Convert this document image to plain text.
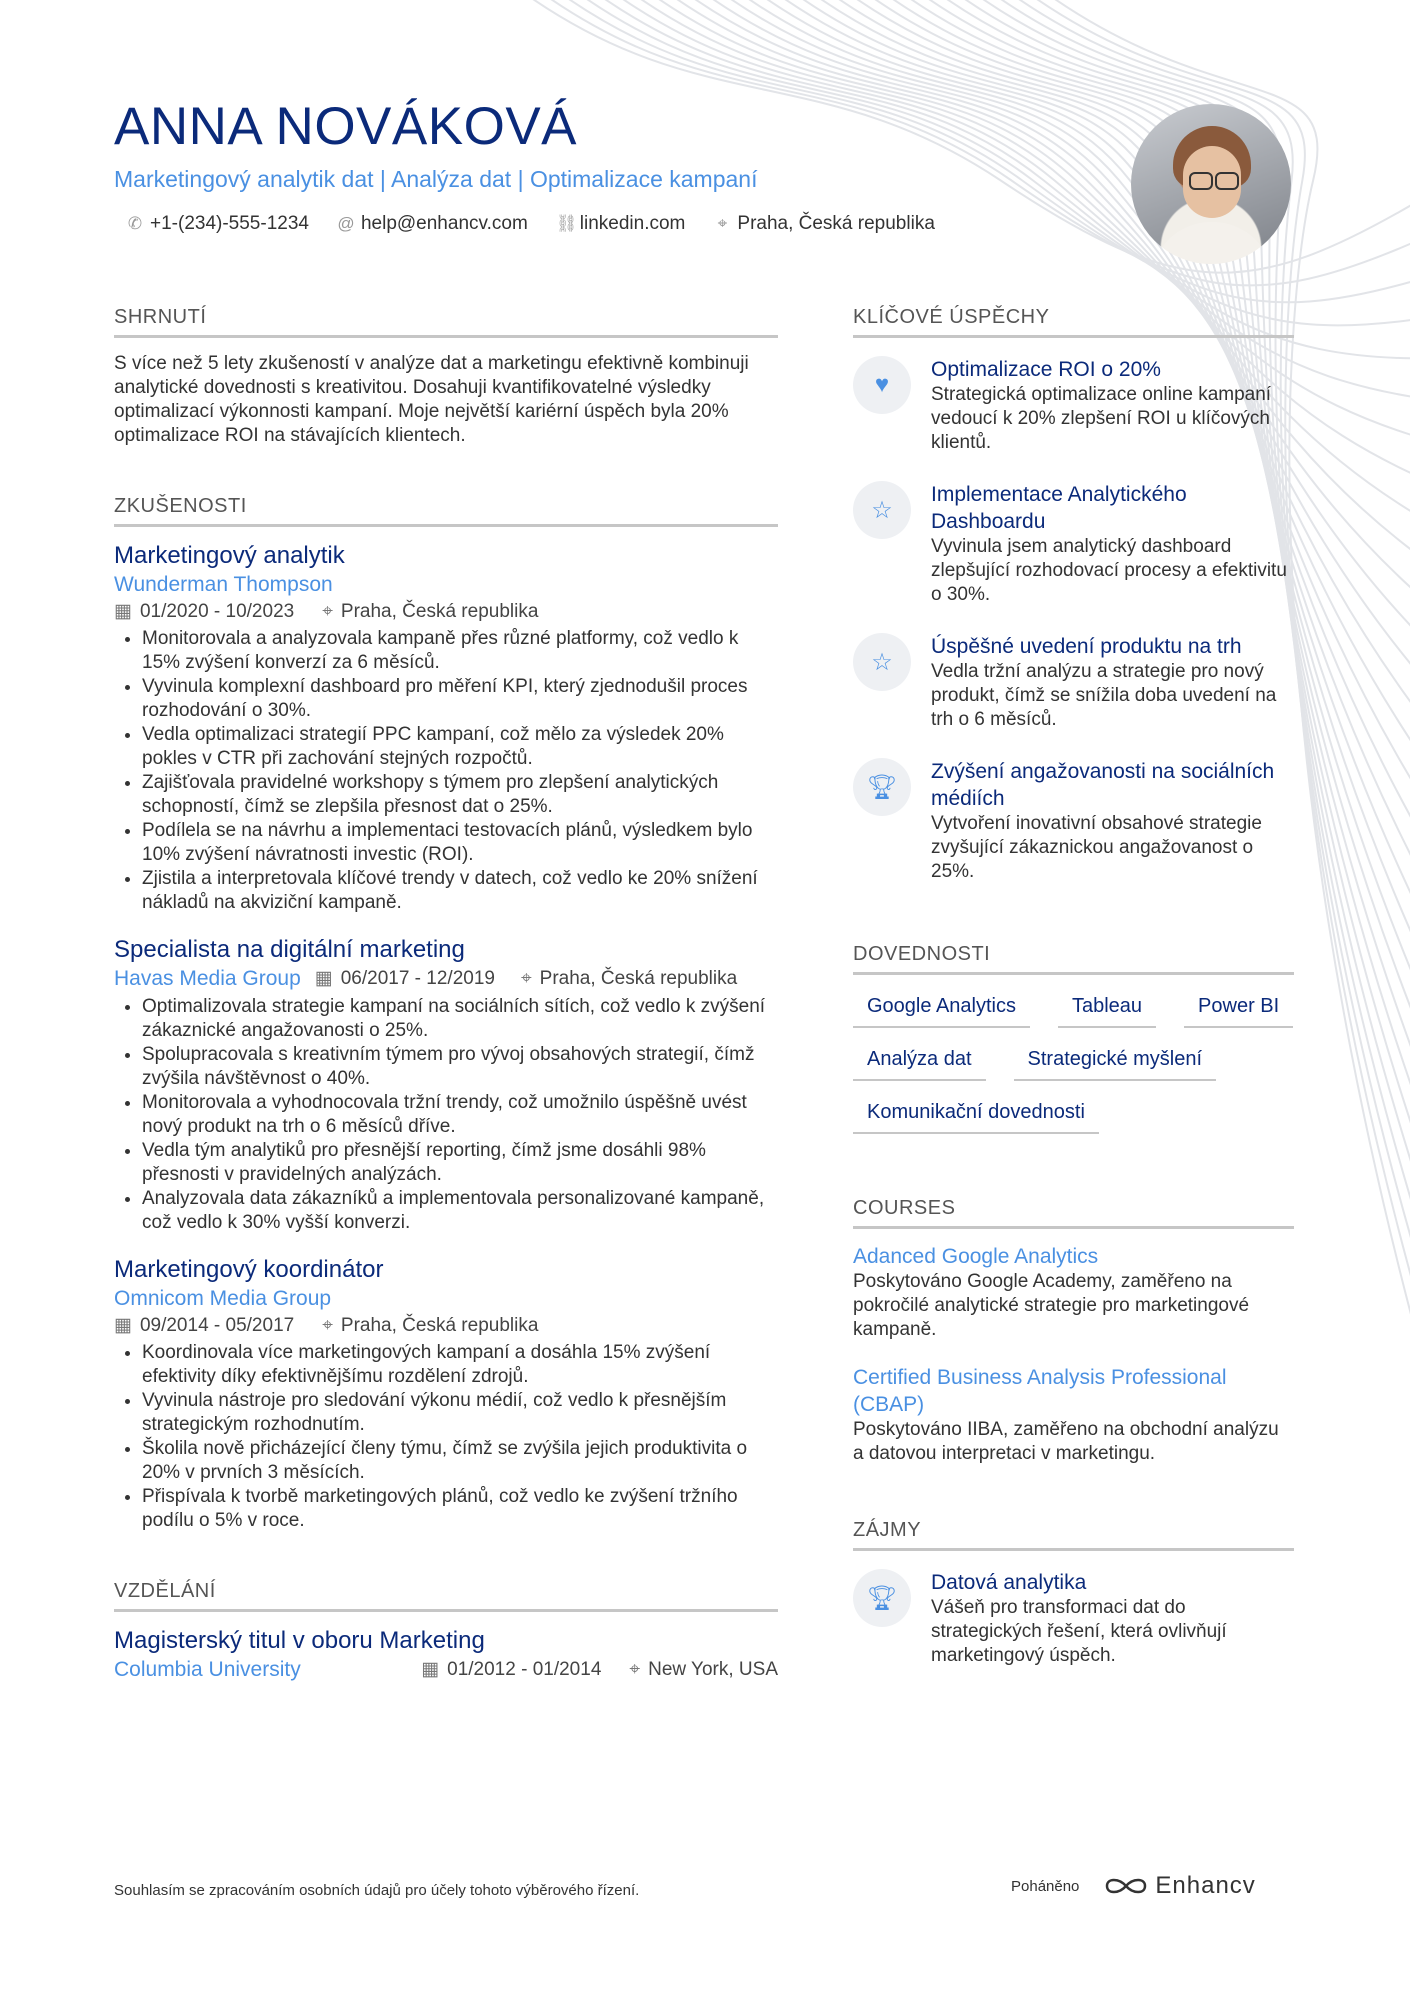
ANNA NOVÁKOVÁ
Marketingový analytik dat | Analýza dat | Optimalizace kampaní
✆ +1-(234)-555-1234 @ help@enhancv.com ⛓ linkedin.com ⌖ Praha, Česká republika
SHRNUTÍ

S více než 5 lety zkušeností v analýze dat a marketingu efektivně kombinuji analytické dovednosti s kreativitou. Dosahuji kvantifikovatelné výsledky optimalizací výkonnosti kampaní. Moje největší kariérní úspěch byla 20% optimalizace ROI na stávajících klientech.

ZKUŠENOSTI
Marketingový analytik
Wunderman Thompson
▦ 01/2020 - 10/2023 ⌖ Praha, Česká republika
• Monitorovala a analyzovala kampaně přes různé platformy, což vedlo k 15% zvýšení konverzí za 6 měsíců.
• Vyvinula komplexní dashboard pro měření KPI, který zjednodušil proces rozhodování o 30%.
• Vedla optimalizaci strategií PPC kampaní, což mělo za výsledek 20% pokles v CTR při zachování stejných rozpočtů.
• Zajišťovala pravidelné workshopy s týmem pro zlepšení analytických schopností, čímž se zlepšila přesnost dat o 25%.
• Podílela se na návrhu a implementaci testovacích plánů, výsledkem bylo 10% zvýšení návratnosti investic (ROI).
• Zjistila a interpretovala klíčové trendy v datech, což vedlo ke 20% snížení nákladů na akviziční kampaně.
Specialista na digitální marketing
Havas Media Group ▦ 06/2017 - 12/2019 ⌖ Praha, Česká republika
• Optimalizovala strategie kampaní na sociálních sítích, což vedlo k zvýšení zákaznické angažovanosti o 25%.
• Spolupracovala s kreativním týmem pro vývoj obsahových strategií, čímž zvýšila návštěvnost o 40%.
• Monitorovala a vyhodnocovala tržní trendy, což umožnilo úspěšně uvést nový produkt na trh o 6 měsíců dříve.
• Vedla tým analytiků pro přesnější reporting, čímž jsme dosáhli 98% přesnosti v pravidelných analýzách.
• Analyzovala data zákazníků a implementovala personalizované kampaně, což vedlo k 30% vyšší konverzi.
Marketingový koordinátor
Omnicom Media Group
▦ 09/2014 - 05/2017 ⌖ Praha, Česká republika
• Koordinovala více marketingových kampaní a dosáhla 15% zvýšení efektivity díky efektivnějšímu rozdělení zdrojů.
• Vyvinula nástroje pro sledování výkonu médií, což vedlo k přesnějším strategickým rozhodnutím.
• Školila nově přicházející členy týmu, čímž se zvýšila jejich produktivita o 20% v prvních 3 měsících.
• Přispívala k tvorbě marketingových plánů, což vedlo ke zvýšení tržního podílu o 5% v roce.
VZDĚLÁNÍ
Magisterský titul v oboru Marketing
Columbia University	▦ 01/2012 - 01/2014 ⌖ New York, USA
KLÍČOVÉ ÚSPĚCHY
♥
Optimalizace ROI o 20%
Strategická optimalizace online kampaní vedoucí k 20% zlepšení ROI u klíčových klientů.
☆
Implementace Analytického Dashboardu
Vyvinula jsem analytický dashboard zlepšující rozhodovací procesy a efektivitu o 30%.
☆
Úspěšné uvedení produktu na trh
Vedla tržní analýzu a strategie pro nový produkt, čímž se snížila doba uvedení na trh o 6 měsíců.
🏆︎
Zvýšení angažovanosti na sociálních médiích
Vytvoření inovativní obsahové strategie zvyšující zákaznickou angažovanost o 25%.
DOVEDNOSTI
Google Analytics	Tableau	Power BI
Analýza dat	Strategické myšlení
Komunikační dovednosti
COURSES
Adanced Google Analytics
Poskytováno Google Academy, zaměřeno na pokročilé analytické strategie pro marketingové kampaně.
Certified Business Analysis Professional (CBAP)
Poskytováno IIBA, zaměřeno na obchodní analýzu a datovou interpretaci v marketingu.
ZÁJMY
🏆︎
Datová analytika
Vášeň pro transformaci dat do strategických řešení, která ovlivňují marketingový úspěch.
Souhlasím se zpracováním osobních údajů pro účely tohoto výběrového řízení.	Poháněno	Enhancv
